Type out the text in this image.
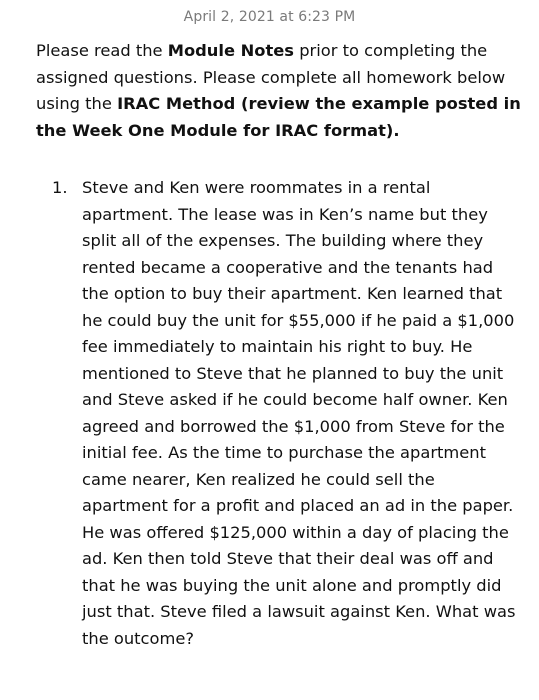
April 2, 2021 at 6:23 PM
Please read the Module Notes prior to completing the assigned questions. Please complete all homework below using the IRAC Method (review the example posted in the Week One Module for IRAC format).
1. Steve and Ken were roommates in a rental apartment. The lease was in Ken’s name but they split all of the expenses. The building where they rented became a cooperative and the tenants had the option to buy their apartment. Ken learned that he could buy the unit for $55,000 if he paid a $1,000 fee immediately to maintain his right to buy. He mentioned to Steve that he planned to buy the unit and Steve asked if he could become half owner. Ken agreed and borrowed the $1,000 from Steve for the initial fee. As the time to purchase the apartment came nearer, Ken realized he could sell the apartment for a profit and placed an ad in the paper. He was offered $125,000 within a day of placing the ad. Ken then told Steve that their deal was off and that he was buying the unit alone and promptly did just that. Steve filed a lawsuit against Ken. What was the outcome?
